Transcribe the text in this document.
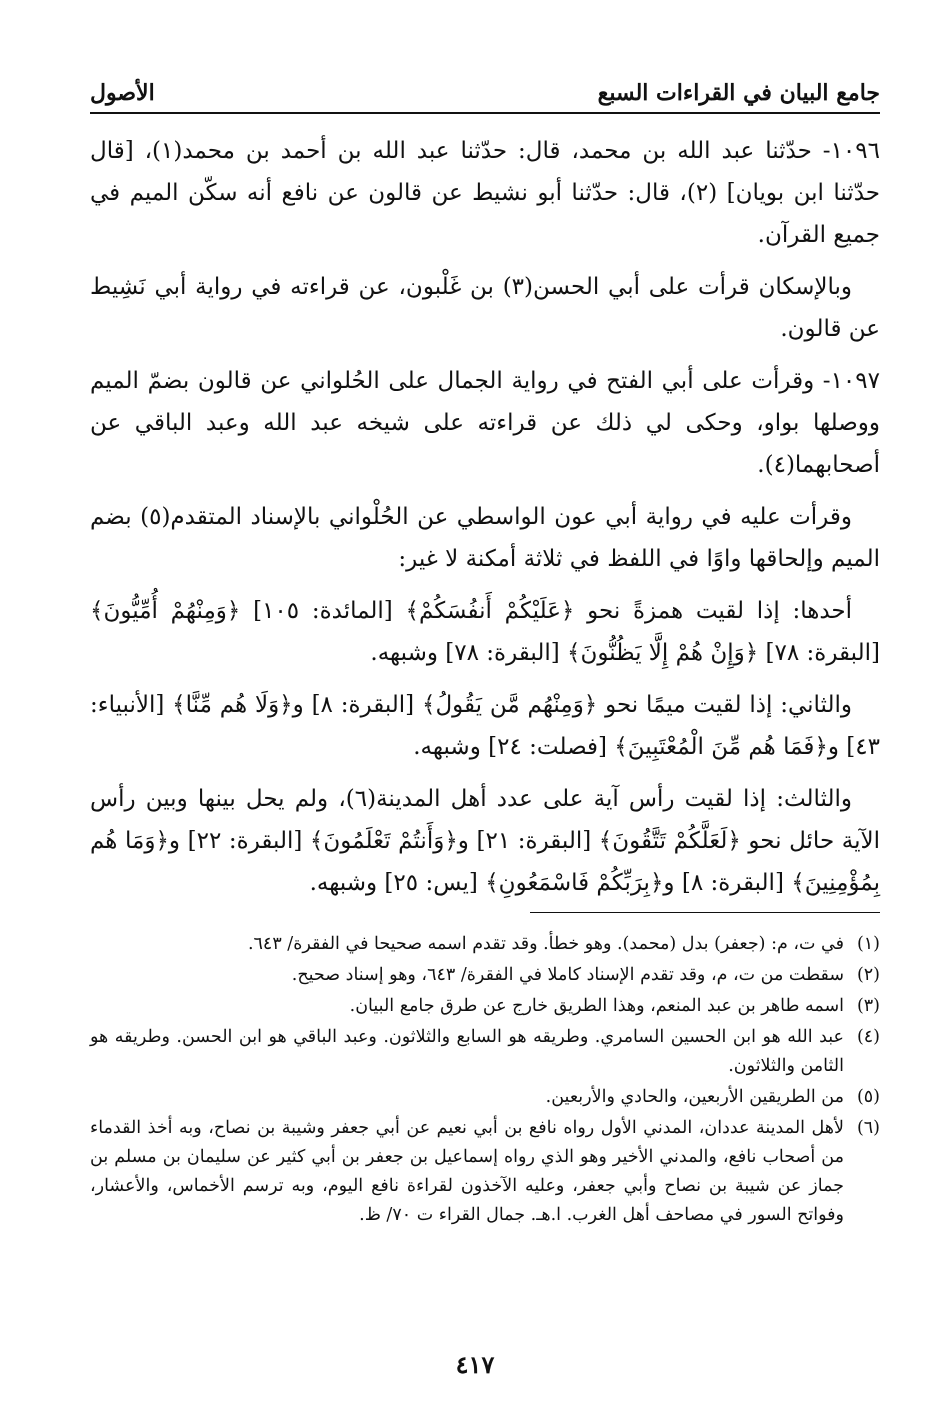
جامع البيان في القراءات السبع
الأصول

١٠٩٦- حدّثنا عبد الله بن محمد، قال: حدّثنا عبد الله بن أحمد بن محمد(١)، [قال حدّثنا ابن بويان] (٢)، قال: حدّثنا أبو نشيط عن قالون عن نافع أنه سكّن الميم في جميع القرآن.

وبالإسكان قرأت على أبي الحسن(٣) بن غَلْبون، عن قراءته في رواية أبي نَشِيط عن قالون.

١٠٩٧- وقرأت على أبي الفتح في رواية الجمال على الحُلواني عن قالون بضمّ الميم ووصلها بواو، وحكى لي ذلك عن قراءته على شيخه عبد الله وعبد الباقي عن أصحابهما(٤).

وقرأت عليه في رواية أبي عون الواسطي عن الحُلْواني بالإسناد المتقدم(٥) بضم الميم وإلحاقها واوًا في اللفظ في ثلاثة أمكنة لا غير:

أحدها: إذا لقيت همزةً نحو ﴿عَلَيْكُمْ أَنفُسَكُمْ﴾ [المائدة: ١٠٥] ﴿وَمِنْهُمْ أُمِّيُّونَ﴾ [البقرة: ٧٨] ﴿وَإِنْ هُمْ إِلَّا يَظُنُّونَ﴾ [البقرة: ٧٨] وشبهه.

والثاني: إذا لقيت ميمًا نحو ﴿وَمِنْهُم مَّن يَقُولُ﴾ [البقرة: ٨] و﴿وَلَا هُم مِّنَّا﴾ [الأنبياء: ٤٣] و﴿فَمَا هُم مِّنَ الْمُعْتَبِينَ﴾ [فصلت: ٢٤] وشبهه.

والثالث: إذا لقيت رأس آية على عدد أهل المدينة(٦)، ولم يحل بينها وبين رأس الآية حائل نحو ﴿لَعَلَّكُمْ تَتَّقُونَ﴾ [البقرة: ٢١] و﴿وَأَنتُمْ تَعْلَمُونَ﴾ [البقرة: ٢٢] و﴿وَمَا هُم بِمُؤْمِنِينَ﴾ [البقرة: ٨] و﴿بِرَبِّكُمْ فَاسْمَعُونِ﴾ [يس: ٢٥] وشبهه.

(١)
في ت، م: (جعفر) بدل (محمد). وهو خطأ. وقد تقدم اسمه صحيحا في الفقرة/ ٦٤٣.
(٢)
سقطت من ت، م، وقد تقدم الإسناد كاملا في الفقرة/ ٦٤٣، وهو إسناد صحيح.
(٣)
اسمه طاهر بن عبد المنعم، وهذا الطريق خارج عن طرق جامع البيان.
(٤)
عبد الله هو ابن الحسين السامري. وطريقه هو السابع والثلاثون. وعبد الباقي هو ابن الحسن. وطريقه هو الثامن والثلاثون.
(٥)
من الطريقين الأربعين، والحادي والأربعين.
(٦)
لأهل المدينة عددان، المدني الأول رواه نافع بن أبي نعيم عن أبي جعفر وشيبة بن نصاح، وبه أخذ القدماء من أصحاب نافع، والمدني الأخير وهو الذي رواه إسماعيل بن جعفر بن أبي كثير عن سليمان بن مسلم بن جماز عن شيبة بن نصاح وأبي جعفر، وعليه الآخذون لقراءة نافع اليوم، وبه ترسم الأخماس، والأعشار، وفواتح السور في مصاحف أهل الغرب. ا.هـ. جمال القراء ت ٧٠/ ظ.
٤١٧
